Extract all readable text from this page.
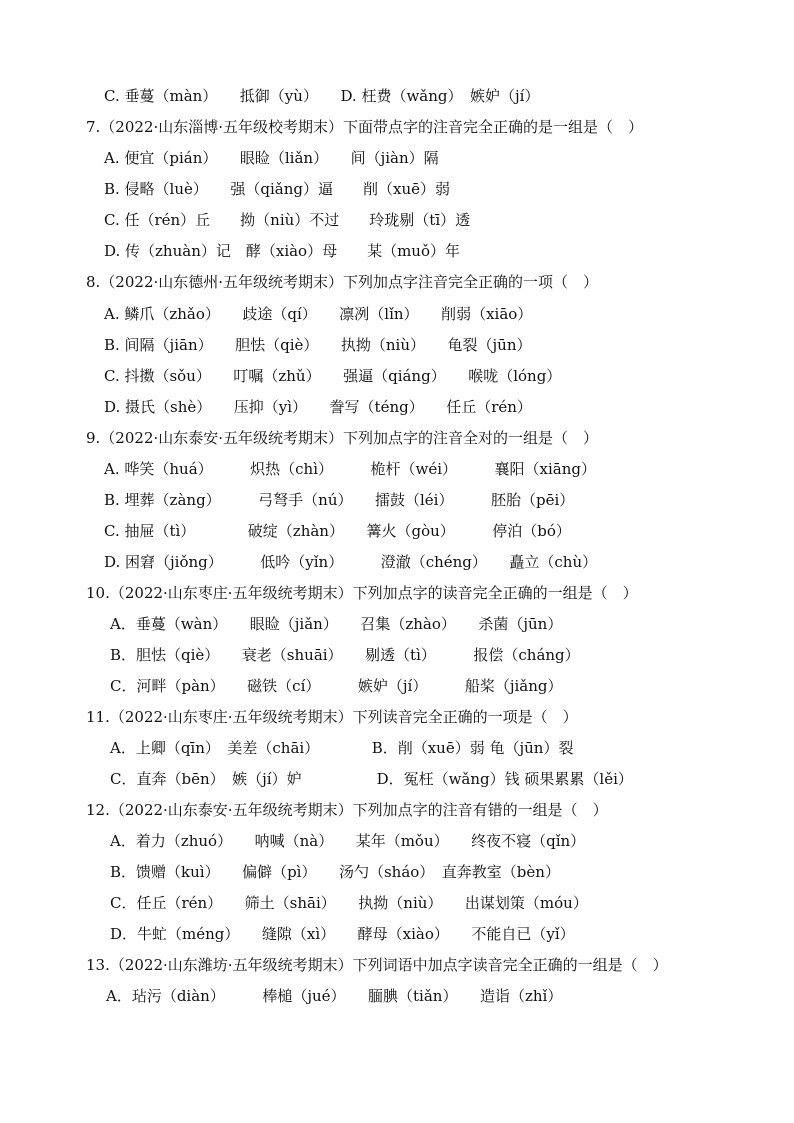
C. 垂蔓（màn）　　抵御（yù）　　D. 枉费（wǎng）　嫉妒（jí）
7.（2022·山东淄博·五年级校考期末）下面带点字的注音完全正确的是一组是（　）
A. 便宜（pián）　　眼睑（liǎn）　　间（jiàn）隔
B. 侵略（luè）　　强（qiǎng）逼　　削（xuē）弱
C. 任（rén）丘　　拗（niù）不过　　玲珑剔（tī）透
D. 传（zhuàn）记　酵（xiào）母　　某（muǒ）年
8.（2022·山东德州·五年级统考期末）下列加点字注音完全正确的一项（　）
A. 鳞爪（zhǎo）　　歧途（qí）　　凛冽（lǐn）　　削弱（xiāo）
B. 间隔（jiān）　　胆怯（qiè）　　执拗（niù）　　龟裂（jūn）
C. 抖擞（sǒu）　　叮嘱（zhǔ）　　强逼（qiáng）　　喉咙（lóng）
D. 摄氏（shè）　　压抑（yì）　　誊写（téng）　　任丘（rén）
9.（2022·山东泰安·五年级统考期末）下列加点字的注音全对的一组是（　）
A. 哗笑（huá）　　　炽热（chì）　　　桅杆（wéi）　　　襄阳（xiāng）
B. 埋葬（zàng）　　　弓弩手（nú）　　擂鼓（léi）　　　胚胎（pēi）
C. 抽屉（tì）　　　　破绽（zhàn）　　篝火（gòu）　　　停泊（bó）
D. 困窘（jiǒng）　　　低吟（yǐn）　　　澄澈（chéng）　　矗立（chù）
10.（2022·山东枣庄·五年级统考期末）下列加点字的读音完全正确的一组是（　）
A．垂蔓（wàn）　　眼睑（jiǎn）　　召集（zhào）　　杀菌（jūn）
B．胆怯（qiè）　　衰老（shuāi）　　剔透（tì）　　　报偿（cháng）
C．河畔（pàn）　　磁铁（cí）　　　嫉妒（jí）　　　船桨（jiǎng）
11.（2022·山东枣庄·五年级统考期末）下列读音完全正确的一项是（　）
A．上卿（qīn）　美差（chāi）　　　　B．削（xuē）弱 龟（jūn）裂
C．直奔（bēn）　嫉（jí）妒　　　　　D．冤枉（wǎng）钱 硕果累累（lěi）
12.（2022·山东泰安·五年级统考期末）下列加点字的注音有错的一组是（　）
A．着力（zhuó）　　呐喊（nà）　　某年（mǒu）　　终夜不寝（qǐn）
B．馈赠（kuì）　　偏僻（pì）　　汤勺（sháo）　直奔教室（bèn）
C．任丘（rén）　　筛土（shāi）　　执拗（niù）　　出谋划策（móu）
D．牛虻（méng）　　缝隙（xì）　　酵母（xiào）　　不能自已（yǐ）
13.（2022·山东潍坊·五年级统考期末）下列词语中加点字读音完全正确的一组是（　）
A．玷污（diàn）　　　棒槌（jué）　　腼腆（tiǎn）　　造诣（zhǐ）
